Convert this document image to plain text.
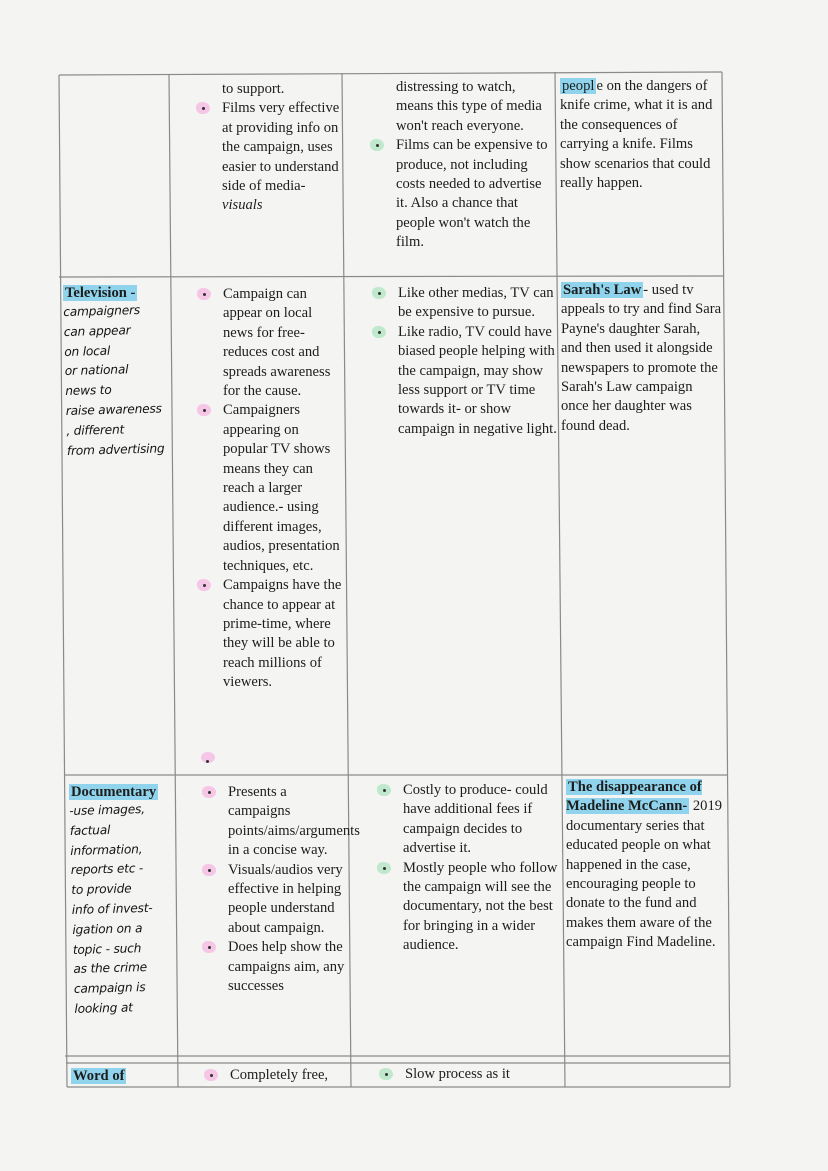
to support.
Films very effective at providing info on the campaign, uses easier to understand side of media- visuals
distressing to watch, means this type of media won't reach everyone.
Films can be expensive to produce, not including costs needed to advertise it. Also a chance that people won't watch the film.

peopl e on the dangers of knife crime, what it is and the consequences of carrying a knife. Films show scenarios that could really happen.

Television -

campaigners
can appear
on local
or national
news to
raise awareness
, different
from advertising
Campaign can appear on local news for free- reduces cost and spreads awareness for the cause.
Campaigners appearing on popular TV shows means they can reach a larger audience.- using different images, audios, presentation techniques, etc.
Campaigns have the chance to appear at prime-time, where they will be able to reach millions of viewers.
Like other medias, TV can be expensive to pursue.
Like radio, TV could have biased people helping with the campaign, may show less support or TV time towards it- or show campaign in negative light.

Sarah's Law - used tv appeals to try and find Sara Payne's daughter Sarah, and then used it alongside newspapers to promote the Sarah's Law campaign once her daughter was found dead.

Documentary

-use images,
factual
information,
reports etc -
to provide
info of invest-
igation on a
topic - such
as the crime
campaign is
looking at
Presents a campaigns points/aims/arguments in a concise way.
Visuals/audios very effective in helping people understand about campaign.
Does help show the campaigns aim, any successes
Costly to produce- could have additional fees if campaign decides to advertise it.
Mostly people who follow the campaign will see the documentary, not the best for bringing in a wider audience.

The disappearance of Madeline McCann- 2019 documentary series that educated people on what happened in the case, encouraging people to donate to the fund and makes them aware of the campaign Find Madeline.

Word of	Completely free,	Slow process as it
